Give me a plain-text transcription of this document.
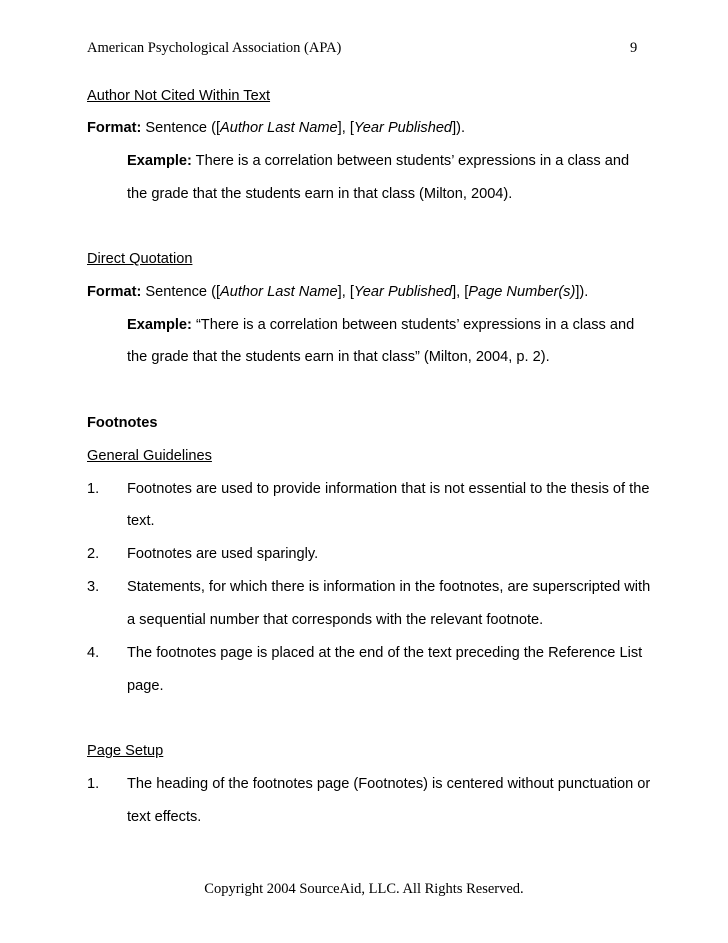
American Psychological Association (APA)	9
Author Not Cited Within Text
Format: Sentence ([Author Last Name], [Year Published]).
Example: There is a correlation between students’ expressions in a class and
the grade that the students earn in that class (Milton, 2004).
Direct Quotation
Format: Sentence ([Author Last Name], [Year Published], [Page Number(s)]).
Example: “There is a correlation between students’ expressions in a class and
the grade that the students earn in that class” (Milton, 2004, p. 2).
Footnotes
General Guidelines
1. Footnotes are used to provide information that is not essential to the thesis of the
text.
2. Footnotes are used sparingly.
3. Statements, for which there is information in the footnotes, are superscripted with
a sequential number that corresponds with the relevant footnote.
4. The footnotes page is placed at the end of the text preceding the Reference List
page.
Page Setup
1. The heading of the footnotes page (Footnotes) is centered without punctuation or
text effects.
Copyright 2004 SourceAid, LLC. All Rights Reserved.
